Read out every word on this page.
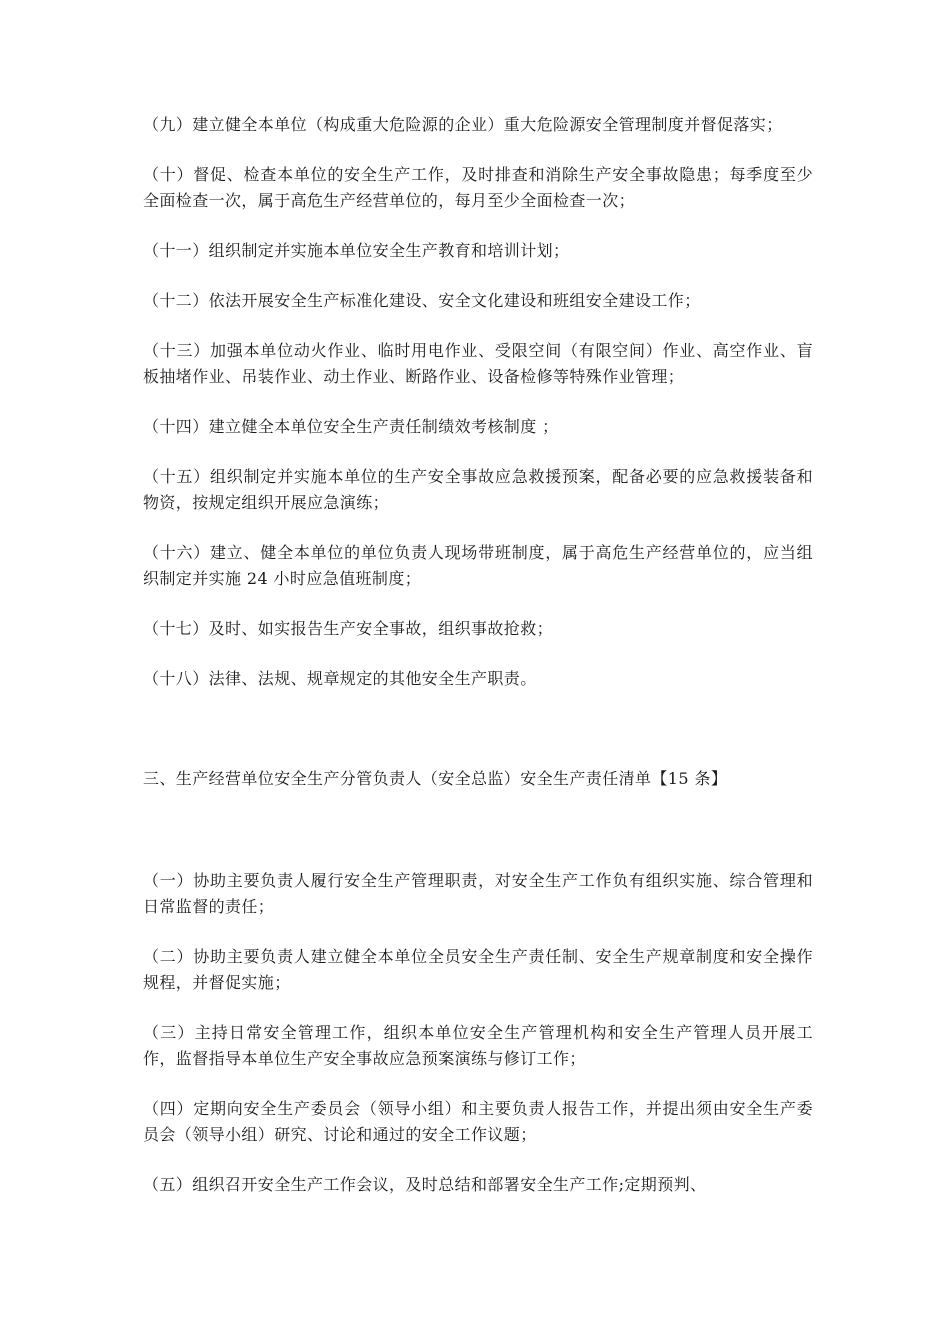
（九）建立健全本单位（构成重大危险源的企业）重大危险源安全管理制度并督促落实；

（十）督促、检查本单位的安全生产工作，及时排查和消除生产安全事故隐患；每季度至少全面检查一次，属于高危生产经营单位的，每月至少全面检查一次；

（十一）组织制定并实施本单位安全生产教育和培训计划；

（十二）依法开展安全生产标准化建设、安全文化建设和班组安全建设工作；

（十三）加强本单位动火作业、临时用电作业、受限空间（有限空间）作业、高空作业、盲板抽堵作业、吊装作业、动土作业、断路作业、设备检修等特殊作业管理；

（十四）建立健全本单位安全生产责任制绩效考核制度 ；

（十五）组织制定并实施本单位的生产安全事故应急救援预案，配备必要的应急救援装备和物资，按规定组织开展应急演练；

（十六）建立、健全本单位的单位负责人现场带班制度，属于高危生产经营单位的，应当组织制定并实施 24 小时应急值班制度；

（十七）及时、如实报告生产安全事故，组织事故抢救；

（十八）法律、法规、规章规定的其他安全生产职责。

三、生产经营单位安全生产分管负责人（安全总监）安全生产责任清单【15 条】

（一）协助主要负责人履行安全生产管理职责，对安全生产工作负有组织实施、综合管理和日常监督的责任；

（二）协助主要负责人建立健全本单位全员安全生产责任制、安全生产规章制度和安全操作规程，并督促实施；

（三）主持日常安全管理工作，组织本单位安全生产管理机构和安全生产管理人员开展工作，监督指导本单位生产安全事故应急预案演练与修订工作；

（四）定期向安全生产委员会（领导小组）和主要负责人报告工作，并提出须由安全生产委员会（领导小组）研究、讨论和通过的安全工作议题；

（五）组织召开安全生产工作会议，及时总结和部署安全生产工作;定期预判、
